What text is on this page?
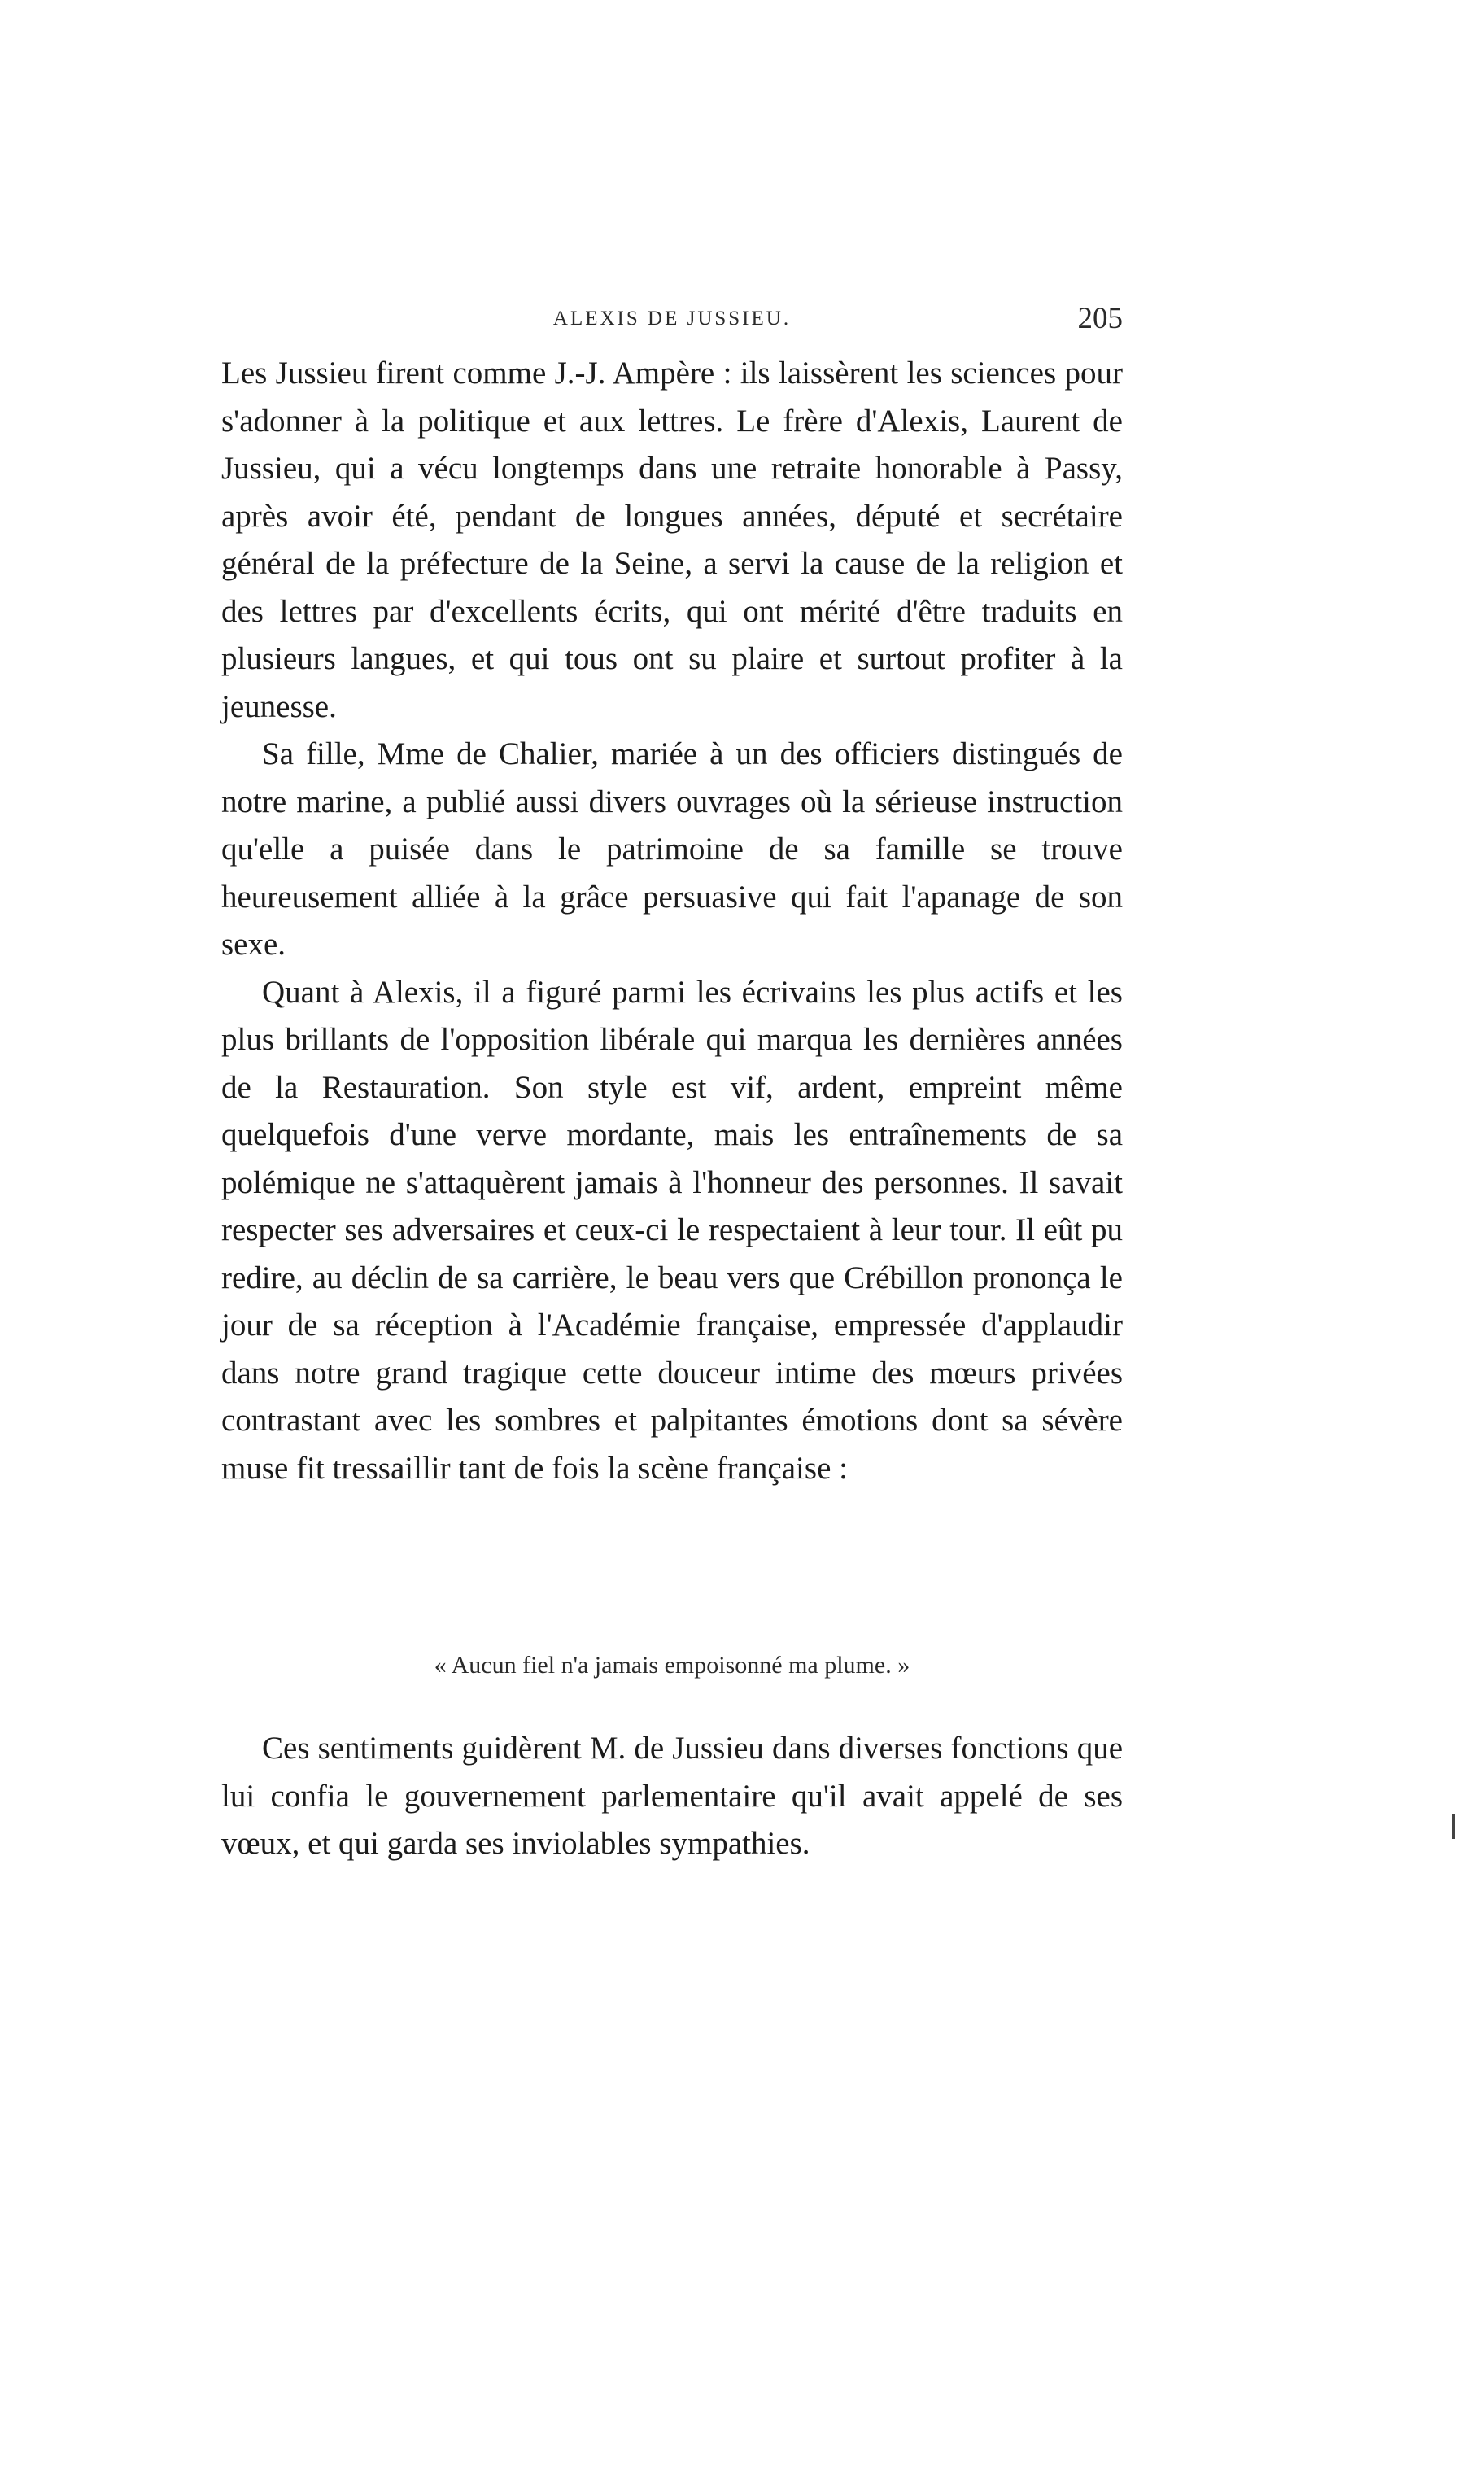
ALEXIS DE JUSSIEU.	205

Les Jussieu firent comme J.-J. Ampère : ils laissèrent les sciences pour s'adonner à la politique et aux lettres. Le frère d'Alexis, Laurent de Jussieu, qui a vécu longtemps dans une retraite honorable à Passy, après avoir été, pendant de longues années, député et secrétaire général de la préfecture de la Seine, a servi la cause de la religion et des lettres par d'excellents écrits, qui ont mérité d'être traduits en plusieurs langues, et qui tous ont su plaire et surtout profiter à la jeunesse.

Sa fille, Mme de Chalier, mariée à un des officiers distingués de notre marine, a publié aussi divers ouvrages où la sérieuse instruction qu'elle a puisée dans le patrimoine de sa famille se trouve heureusement alliée à la grâce persuasive qui fait l'apanage de son sexe.

Quant à Alexis, il a figuré parmi les écrivains les plus actifs et les plus brillants de l'opposition libérale qui marqua les dernières années de la Restauration. Son style est vif, ardent, empreint même quelquefois d'une verve mordante, mais les entraînements de sa polémique ne s'attaquèrent jamais à l'honneur des personnes. Il savait respecter ses adversaires et ceux-ci le respectaient à leur tour. Il eût pu redire, au déclin de sa carrière, le beau vers que Crébillon prononça le jour de sa réception à l'Académie française, empressée d'applaudir dans notre grand tragique cette douceur intime des mœurs privées contrastant avec les sombres et palpitantes émotions dont sa sévère muse fit tressaillir tant de fois la scène française :

« Aucun fiel n'a jamais empoisonné ma plume. »

Ces sentiments guidèrent M. de Jussieu dans diverses fonctions que lui confia le gouvernement parlementaire qu'il avait appelé de ses vœux, et qui garda ses inviolables sympathies.
